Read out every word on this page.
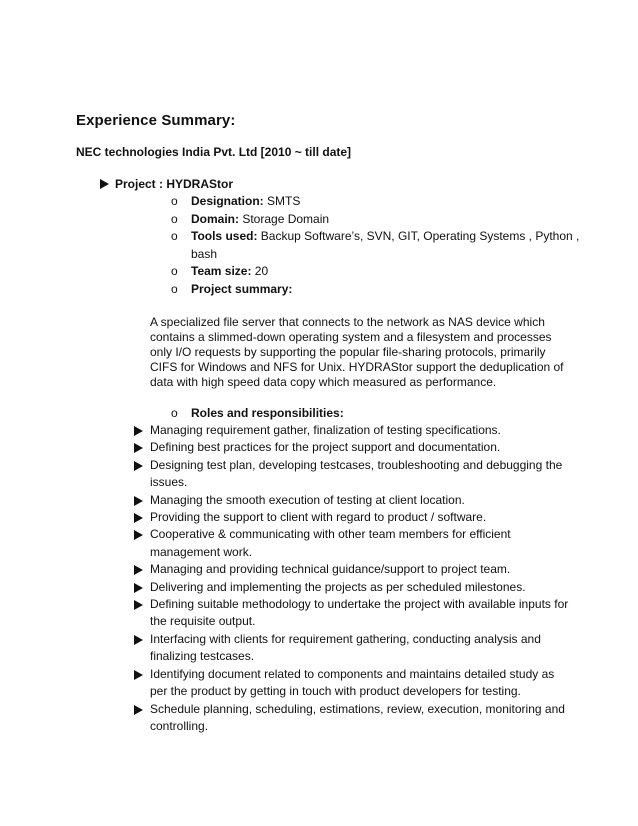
Experience Summary:
NEC technologies India Pvt. Ltd [2010 ~ till date]
Project : HYDRAStor
o Designation: SMTS
o Domain: Storage Domain
o Tools used: Backup Software’s, SVN, GIT, Operating Systems , Python ,
bash
o Team size: 20
o Project summary:

A specialized file server that connects to the network as NAS device which contains a slimmed-down operating system and a filesystem and processes only I/O requests by supporting the popular file-sharing protocols, primarily CIFS for Windows and NFS for Unix. HYDRAStor support the deduplication of data with high speed data copy which measured as performance.

o Roles and responsibilities:
Managing requirement gather, finalization of testing specifications.
Defining best practices for the project support and documentation.
Designing test plan, developing testcases, troubleshooting and debugging the issues.
Managing the smooth execution of testing at client location.
Providing the support to client with regard to product / software.
Cooperative & communicating with other team members for efficient management work.
Managing and providing technical guidance/support to project team.
Delivering and implementing the projects as per scheduled milestones.
Defining suitable methodology to undertake the project with available inputs for the requisite output.
Interfacing with clients for requirement gathering, conducting analysis and finalizing testcases.
Identifying document related to components and maintains detailed study as per the product by getting in touch with product developers for testing.
Schedule planning, scheduling, estimations, review, execution, monitoring and controlling.
